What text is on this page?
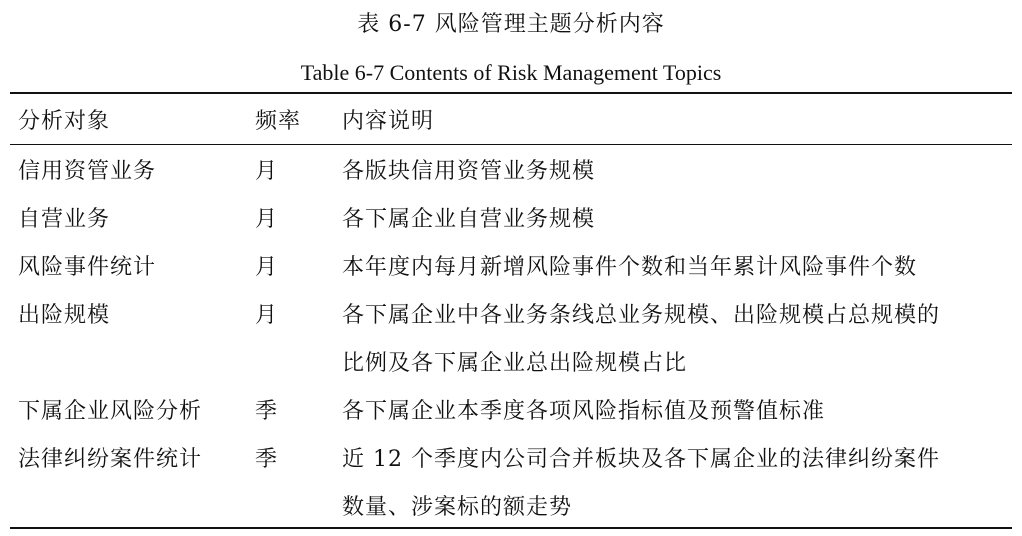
表 6-7 风险管理主题分析内容
Table 6-7 Contents of Risk Management Topics
分析对象	频率 内容说明
信用资管业务	月	各版块信用资管业务规模
自营业务	月	各下属企业自营业务规模
风险事件统计	月	本年度内每月新增风险事件个数和当年累计风险事件个数
出险规模	月	各下属企业中各业务条线总业务规模、出险规模占总规模的
比例及各下属企业总出险规模占比
下属企业风险分析 季	各下属企业本季度各项风险指标值及预警值标准
法律纠纷案件统计 季	近 12 个季度内公司合并板块及各下属企业的法律纠纷案件
数量、涉案标的额走势
